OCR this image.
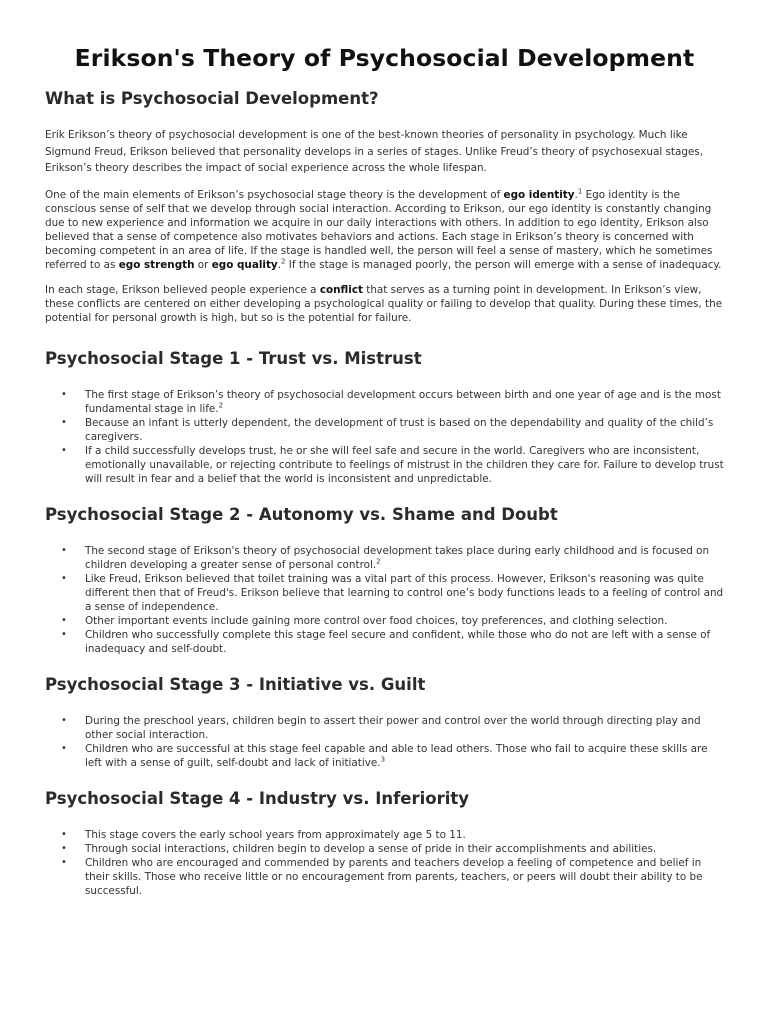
Erikson's Theory of Psychosocial Development
What is Psychosocial Development?

Erik Erikson’s theory of psychosocial development is one of the best-known theories of personality in psychology. Much like Sigmund Freud, Erikson believed that personality develops in a series of stages. Unlike Freud’s theory of psychosexual stages, Erikson’s theory describes the impact of social experience across the whole lifespan.

One of the main elements of Erikson’s psychosocial stage theory is the development of ego identity.$^1$ Ego identity is the conscious sense of self that we develop through social interaction. According to Erikson, our ego identity is constantly changing due to new experience and information we acquire in our daily interactions with others. In addition to ego identity, Erikson also believed that a sense of competence also motivates behaviors and actions. Each stage in Erikson’s theory is concerned with becoming competent in an area of life. If the stage is handled well, the person will feel a sense of mastery, which he sometimes referred to as ego strength or ego quality.$^2$ If the stage is managed poorly, the person will emerge with a sense of inadequacy.

In each stage, Erikson believed people experience a conflict that serves as a turning point in development. In Erikson’s view, these conflicts are centered on either developing a psychological quality or failing to develop that quality. During these times, the potential for personal growth is high, but so is the potential for failure.

Psychosocial Stage 1 - Trust vs. Mistrust
• The first stage of Erikson’s theory of psychosocial development occurs between birth and one year of age and is the most fundamental stage in life.$^2$
• Because an infant is utterly dependent, the development of trust is based on the dependability and quality of the child’s caregivers.
• If a child successfully develops trust, he or she will feel safe and secure in the world. Caregivers who are inconsistent, emotionally unavailable, or rejecting contribute to feelings of mistrust in the children they care for. Failure to develop trust will result in fear and a belief that the world is inconsistent and unpredictable.
Psychosocial Stage 2 - Autonomy vs. Shame and Doubt
• The second stage of Erikson's theory of psychosocial development takes place during early childhood and is focused on children developing a greater sense of personal control.$^2$
• Like Freud, Erikson believed that toilet training was a vital part of this process. However, Erikson's reasoning was quite different then that of Freud's. Erikson believe that learning to control one’s body functions leads to a feeling of control and a sense of independence.
• Other important events include gaining more control over food choices, toy preferences, and clothing selection.
• Children who successfully complete this stage feel secure and confident, while those who do not are left with a sense of inadequacy and self-doubt.
Psychosocial Stage 3 - Initiative vs. Guilt
• During the preschool years, children begin to assert their power and control over the world through directing play and other social interaction.
• Children who are successful at this stage feel capable and able to lead others. Those who fail to acquire these skills are left with a sense of guilt, self-doubt and lack of initiative.$^3$
Psychosocial Stage 4 - Industry vs. Inferiority
• This stage covers the early school years from approximately age 5 to 11.
• Through social interactions, children begin to develop a sense of pride in their accomplishments and abilities.
• Children who are encouraged and commended by parents and teachers develop a feeling of competence and belief in their skills. Those who receive little or no encouragement from parents, teachers, or peers will doubt their ability to be successful.
